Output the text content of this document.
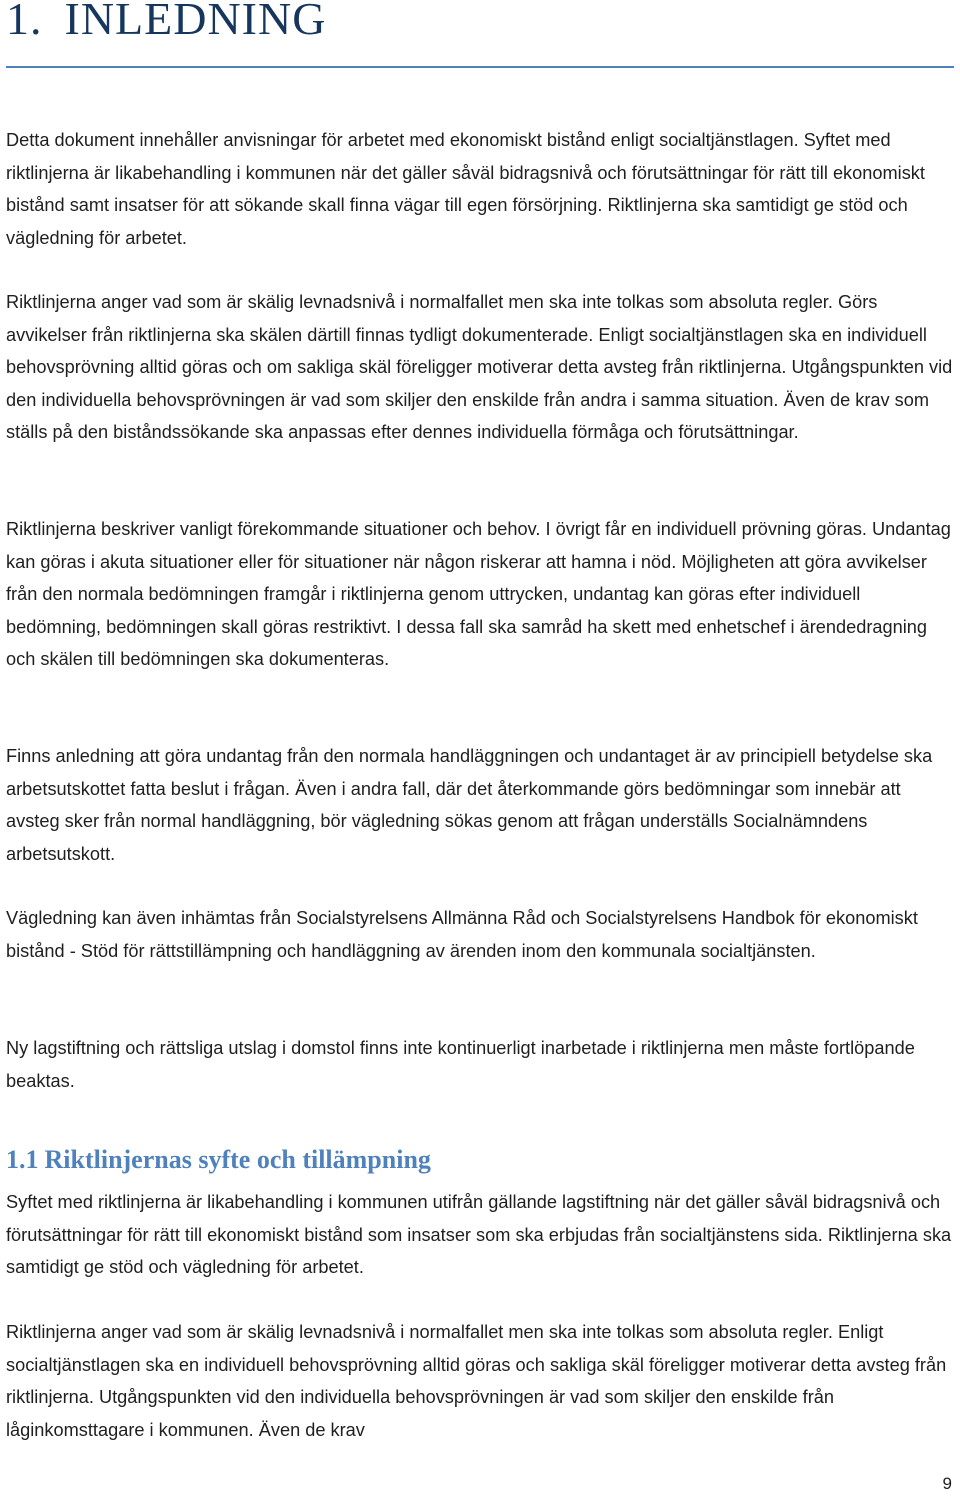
1. INLEDNING

Detta dokument innehåller anvisningar för arbetet med ekonomiskt bistånd enligt socialtjänstlagen. Syftet med riktlinjerna är likabehandling i kommunen när det gäller såväl bidragsnivå och förutsättningar för rätt till ekonomiskt bistånd samt insatser för att sökande skall finna vägar till egen försörjning. Riktlinjerna ska samtidigt ge stöd och vägledning för arbetet.

Riktlinjerna anger vad som är skälig levnadsnivå i normalfallet men ska inte tolkas som absoluta regler. Görs avvikelser från riktlinjerna ska skälen därtill finnas tydligt dokumenterade. Enligt socialtjänstlagen ska en individuell behovsprövning alltid göras och om sakliga skäl föreligger motiverar detta avsteg från riktlinjerna. Utgångspunkten vid den individuella behovsprövningen är vad som skiljer den enskilde från andra i samma situation. Även de krav som ställs på den biståndssökande ska anpassas efter dennes individuella förmåga och förutsättningar.

Riktlinjerna beskriver vanligt förekommande situationer och behov. I övrigt får en individuell prövning göras. Undantag kan göras i akuta situationer eller för situationer när någon riskerar att hamna i nöd. Möjligheten att göra avvikelser från den normala bedömningen framgår i riktlinjerna genom uttrycken, undantag kan göras efter individuell bedömning, bedömningen skall göras restriktivt. I dessa fall ska samråd ha skett med enhetschef i ärendedragning och skälen till bedömningen ska dokumenteras.

Finns anledning att göra undantag från den normala handläggningen och undantaget är av principiell betydelse ska arbetsutskottet fatta beslut i frågan. Även i andra fall, där det återkommande görs bedömningar som innebär att avsteg sker från normal handläggning, bör vägledning sökas genom att frågan underställs Socialnämndens arbetsutskott.

Vägledning kan även inhämtas från Socialstyrelsens Allmänna Råd och Socialstyrelsens Handbok för ekonomiskt bistånd - Stöd för rättstillämpning och handläggning av ärenden inom den kommunala socialtjänsten.

Ny lagstiftning och rättsliga utslag i domstol finns inte kontinuerligt inarbetade i riktlinjerna men måste fortlöpande beaktas.

1.1 Riktlinjernas syfte och tillämpning

Syftet med riktlinjerna är likabehandling i kommunen utifrån gällande lagstiftning när det gäller såväl bidragsnivå och förutsättningar för rätt till ekonomiskt bistånd som insatser som ska erbjudas från socialtjänstens sida. Riktlinjerna ska samtidigt ge stöd och vägledning för arbetet.

Riktlinjerna anger vad som är skälig levnadsnivå i normalfallet men ska inte tolkas som absoluta regler. Enligt socialtjänstlagen ska en individuell behovsprövning alltid göras och sakliga skäl föreligger motiverar detta avsteg från riktlinjerna. Utgångspunkten vid den individuella behovsprövningen är vad som skiljer den enskilde från låginkomsttagare i kommunen. Även de krav

9
